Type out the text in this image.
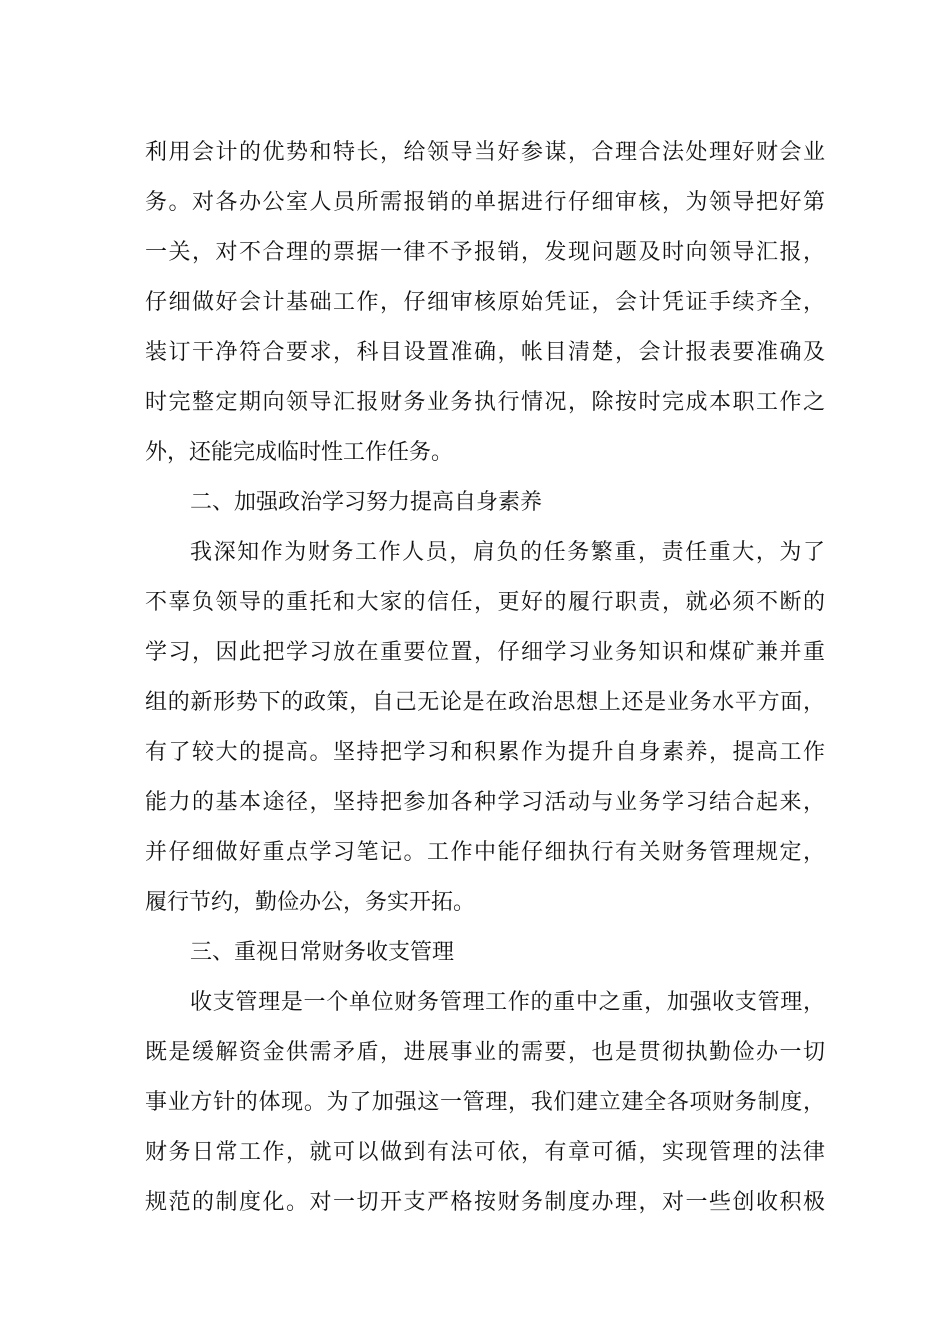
利用会计的优势和特长，给领导当好参谋，合理合法处理好财会业
务。对各办公室人员所需报销的单据进行仔细审核，为领导把好第
一关，对不合理的票据一律不予报销，发现问题及时向领导汇报，
仔细做好会计基础工作，仔细审核原始凭证，会计凭证手续齐全，
装订干净符合要求，科目设置准确，帐目清楚，会计报表要准确及
时完整定期向领导汇报财务业务执行情况，除按时完成本职工作之
外，还能完成临时性工作任务。
二、加强政治学习努力提高自身素养
我深知作为财务工作人员，肩负的任务繁重，责任重大，为了
不辜负领导的重托和大家的信任，更好的履行职责，就必须不断的
学习，因此把学习放在重要位置，仔细学习业务知识和煤矿兼并重
组的新形势下的政策，自己无论是在政治思想上还是业务水平方面，
有了较大的提高。坚持把学习和积累作为提升自身素养，提高工作
能力的基本途径，坚持把参加各种学习活动与业务学习结合起来，
并仔细做好重点学习笔记。工作中能仔细执行有关财务管理规定，
履行节约，勤俭办公，务实开拓。
三、重视日常财务收支管理
收支管理是一个单位财务管理工作的重中之重，加强收支管理，
既是缓解资金供需矛盾，进展事业的需要，也是贯彻执勤俭办一切
事业方针的体现。为了加强这一管理，我们建立建全各项财务制度，
财务日常工作，就可以做到有法可依，有章可循，实现管理的法律
规范的制度化。对一切开支严格按财务制度办理，对一些创收积极
